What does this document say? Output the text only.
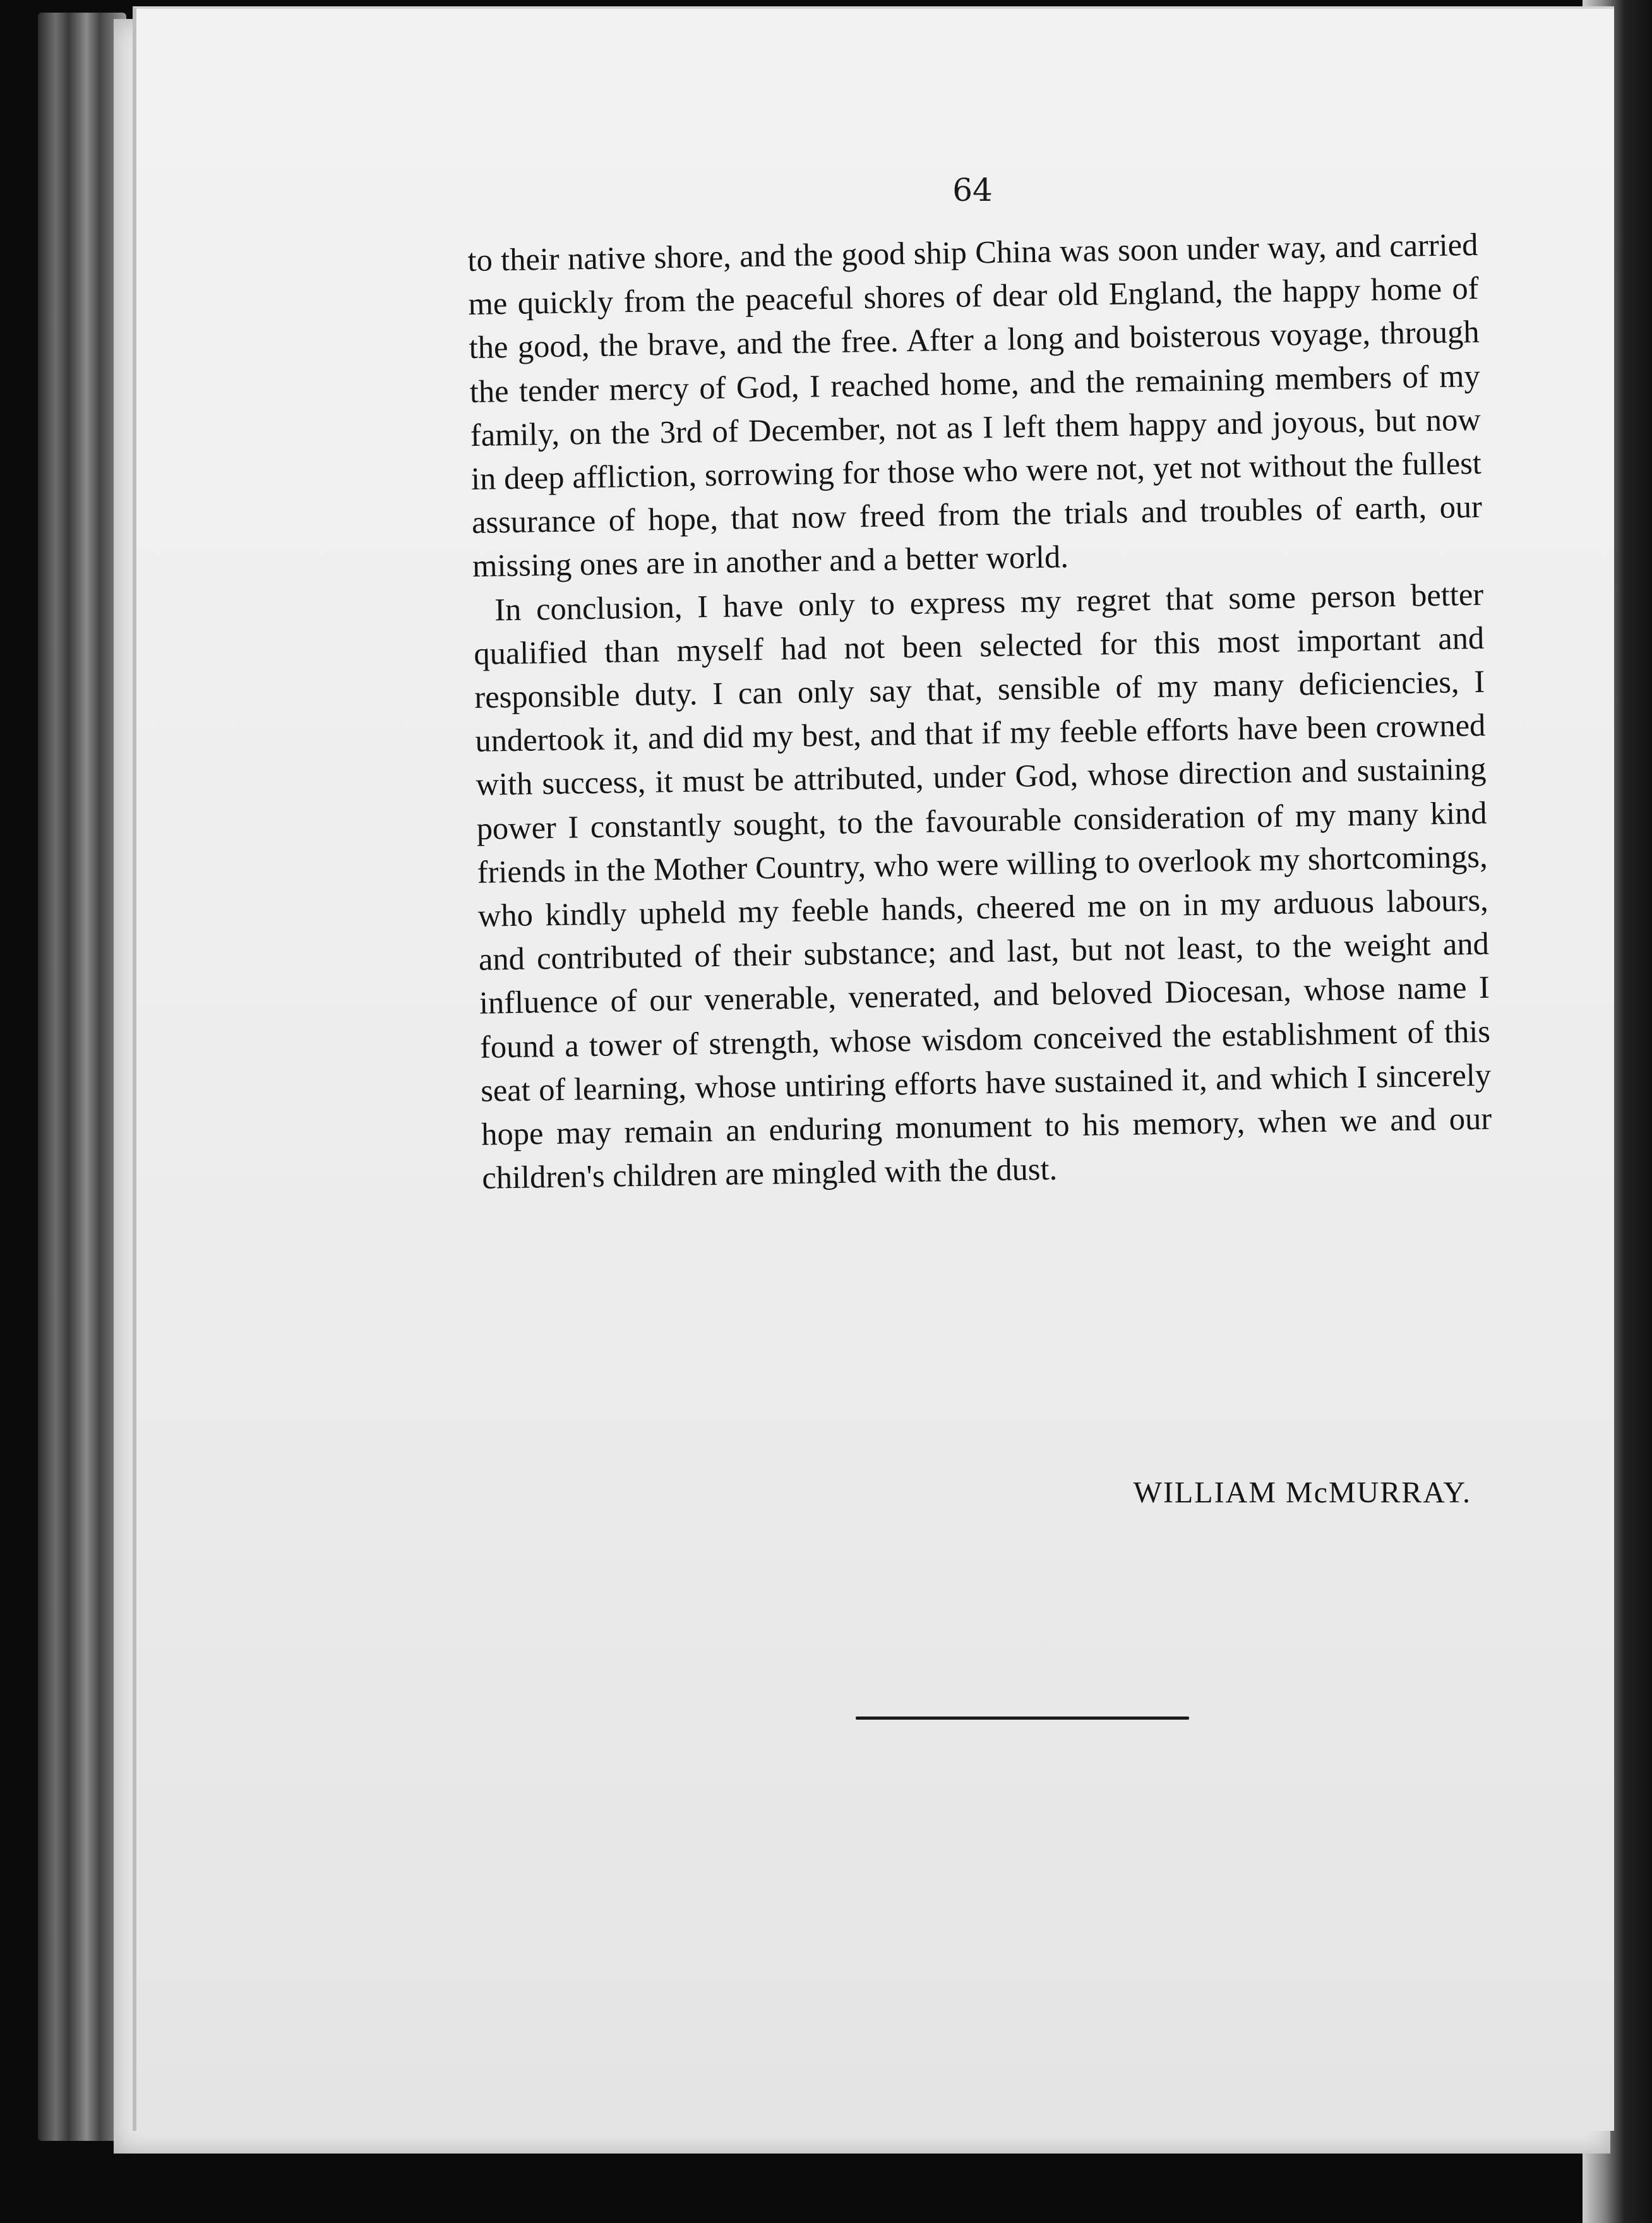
64

to their native shore, and the good ship China was soon under way, and carried me quickly from the peaceful shores of dear old England, the happy home of the good, the brave, and the free. After a long and boisterous voyage, through the tender mercy of God, I reached home, and the remaining members of my family, on the 3rd of December, not as I left them happy and joyous, but now in deep affliction, sorrowing for those who were not, yet not without the fullest assurance of hope, that now freed from the trials and troubles of earth, our missing ones are in another and a better world.

In conclusion, I have only to express my regret that some person better qualified than myself had not been selected for this most important and responsible duty. I can only say that, sensible of my many deficiencies, I undertook it, and did my best, and that if my feeble efforts have been crowned with success, it must be attributed, under God, whose direction and sustaining power I constantly sought, to the favourable consideration of my many kind friends in the Mother Country, who were willing to overlook my shortcomings, who kindly upheld my feeble hands, cheered me on in my arduous labours, and contributed of their substance; and last, but not least, to the weight and influence of our venerable, venerated, and beloved Diocesan, whose name I found a tower of strength, whose wisdom conceived the establishment of this seat of learning, whose untiring efforts have sustained it, and which I sincerely hope may remain an enduring monument to his memory, when we and our children's children are mingled with the dust.

WILLIAM McMURRAY.
